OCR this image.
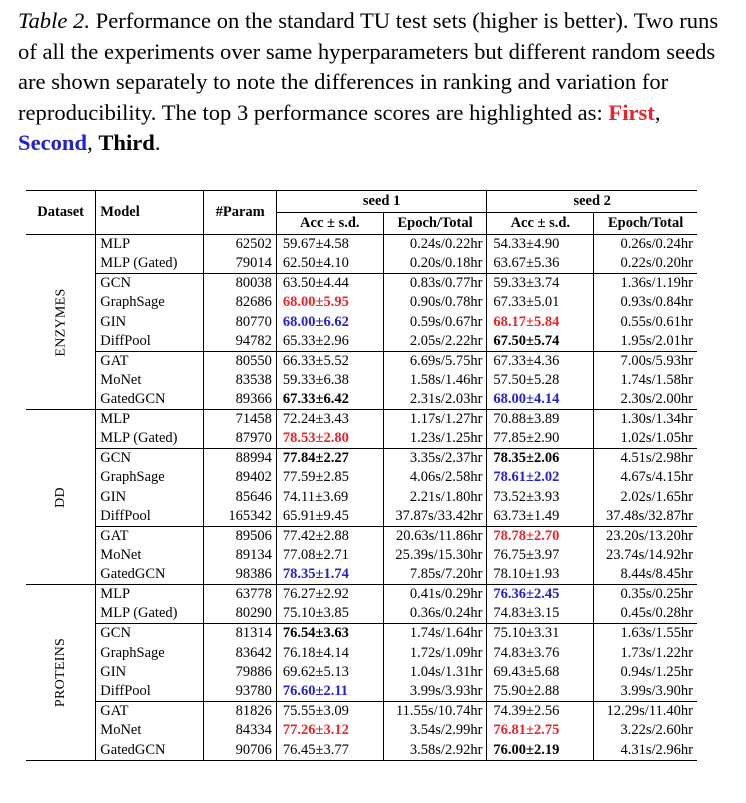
Table 2. Performance on the standard TU test sets (higher is better). Two runs of all the experiments over same hyperparameters but different random seeds are shown separately to note the differences in ranking and variation for reproducibility. The top 3 performance scores are highlighted as: First, Second, Third.
Dataset	Model	#Param	seed 1		seed 2	
			Acc ± s.d.	Epoch/Total	Acc ± s.d.	Epoch/Total
ENZYMES	MLP	62502	59.67±4.58	0.24s/0.22hr	54.33±4.90	0.26s/0.24hr
	MLP (Gated)	79014	62.50±4.10	0.20s/0.18hr	63.67±5.36	0.22s/0.20hr
	GCN	80038	63.50±4.44	0.83s/0.77hr	59.33±3.74	1.36s/1.19hr
	GraphSage	82686	68.00±5.95	0.90s/0.78hr	67.33±5.01	0.93s/0.84hr
	GIN	80770	68.00±6.62	0.59s/0.67hr	68.17±5.84	0.55s/0.61hr
	DiffPool	94782	65.33±2.96	2.05s/2.22hr	67.50±5.74	1.95s/2.01hr
	GAT	80550	66.33±5.52	6.69s/5.75hr	67.33±4.36	7.00s/5.93hr
	MoNet	83538	59.33±6.38	1.58s/1.46hr	57.50±5.28	1.74s/1.58hr
	GatedGCN	89366	67.33±6.42	2.31s/2.03hr	68.00±4.14	2.30s/2.00hr
DD	MLP	71458	72.24±3.43	1.17s/1.27hr	70.88±3.89	1.30s/1.34hr
	MLP (Gated)	87970	78.53±2.80	1.23s/1.25hr	77.85±2.90	1.02s/1.05hr
	GCN	88994	77.84±2.27	3.35s/2.37hr	78.35±2.06	4.51s/2.98hr
	GraphSage	89402	77.59±2.85	4.06s/2.58hr	78.61±2.02	4.67s/4.15hr
	GIN	85646	74.11±3.69	2.21s/1.80hr	73.52±3.93	2.02s/1.65hr
	DiffPool	165342	65.91±9.45	37.87s/33.42hr	63.73±1.49	37.48s/32.87hr
	GAT	89506	77.42±2.88	20.63s/11.86hr	78.78±2.70	23.20s/13.20hr
	MoNet	89134	77.08±2.71	25.39s/15.30hr	76.75±3.97	23.74s/14.92hr
	GatedGCN	98386	78.35±1.74	7.85s/7.20hr	78.10±1.93	8.44s/8.45hr
PROTEINS	MLP	63778	76.27±2.92	0.41s/0.29hr	76.36±2.45	0.35s/0.25hr
	MLP (Gated)	80290	75.10±3.85	0.36s/0.24hr	74.83±3.15	0.45s/0.28hr
	GCN	81314	76.54±3.63	1.74s/1.64hr	75.10±3.31	1.63s/1.55hr
	GraphSage	83642	76.18±4.14	1.72s/1.09hr	74.83±3.76	1.73s/1.22hr
	GIN	79886	69.62±5.13	1.04s/1.31hr	69.43±5.68	0.94s/1.25hr
	DiffPool	93780	76.60±2.11	3.99s/3.93hr	75.90±2.88	3.99s/3.90hr
	GAT	81826	75.55±3.09	11.55s/10.74hr	74.39±2.56	12.29s/11.40hr
	MoNet	84334	77.26±3.12	3.54s/2.99hr	76.81±2.75	3.22s/2.60hr
	GatedGCN	90706	76.45±3.77	3.58s/2.92hr	76.00±2.19	4.31s/2.96hr
